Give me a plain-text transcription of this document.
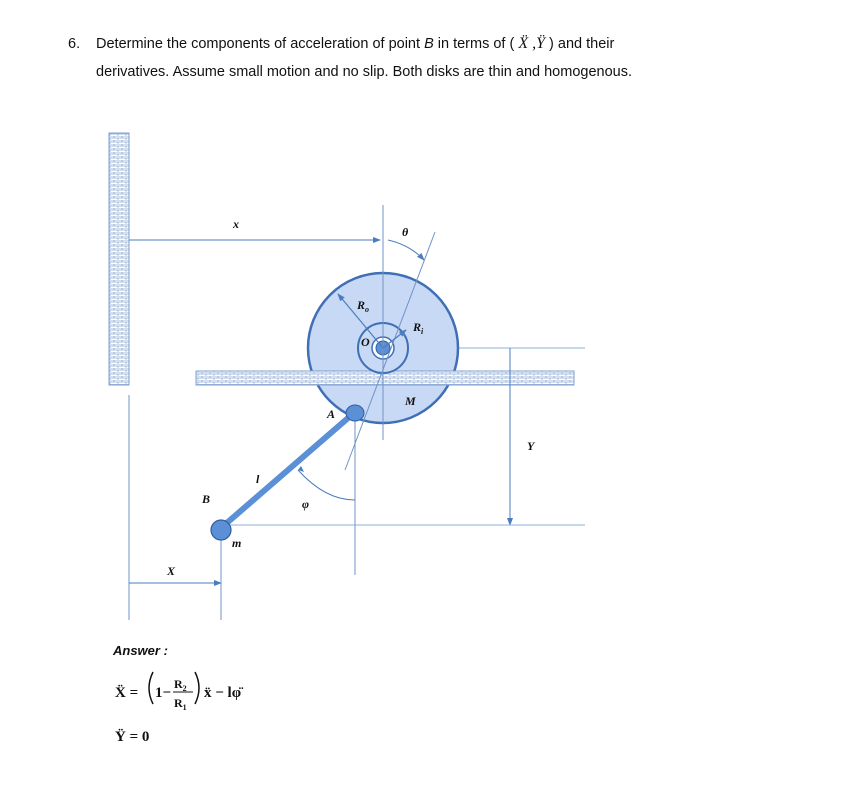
6. Determine the components of acceleration of point B in terms of ( Ẍ ,Ÿ ) and their
derivatives. Assume small motion and no slip. Both disks are thin and homogenous.
x
θ
$R_o$
$R_i$
O
M
A
Y
l
B	φ
m
X
Ẍ = 1−
$R_2$
$R_1$
ẍ − lφ̈
Ÿ = 0
Answer :
